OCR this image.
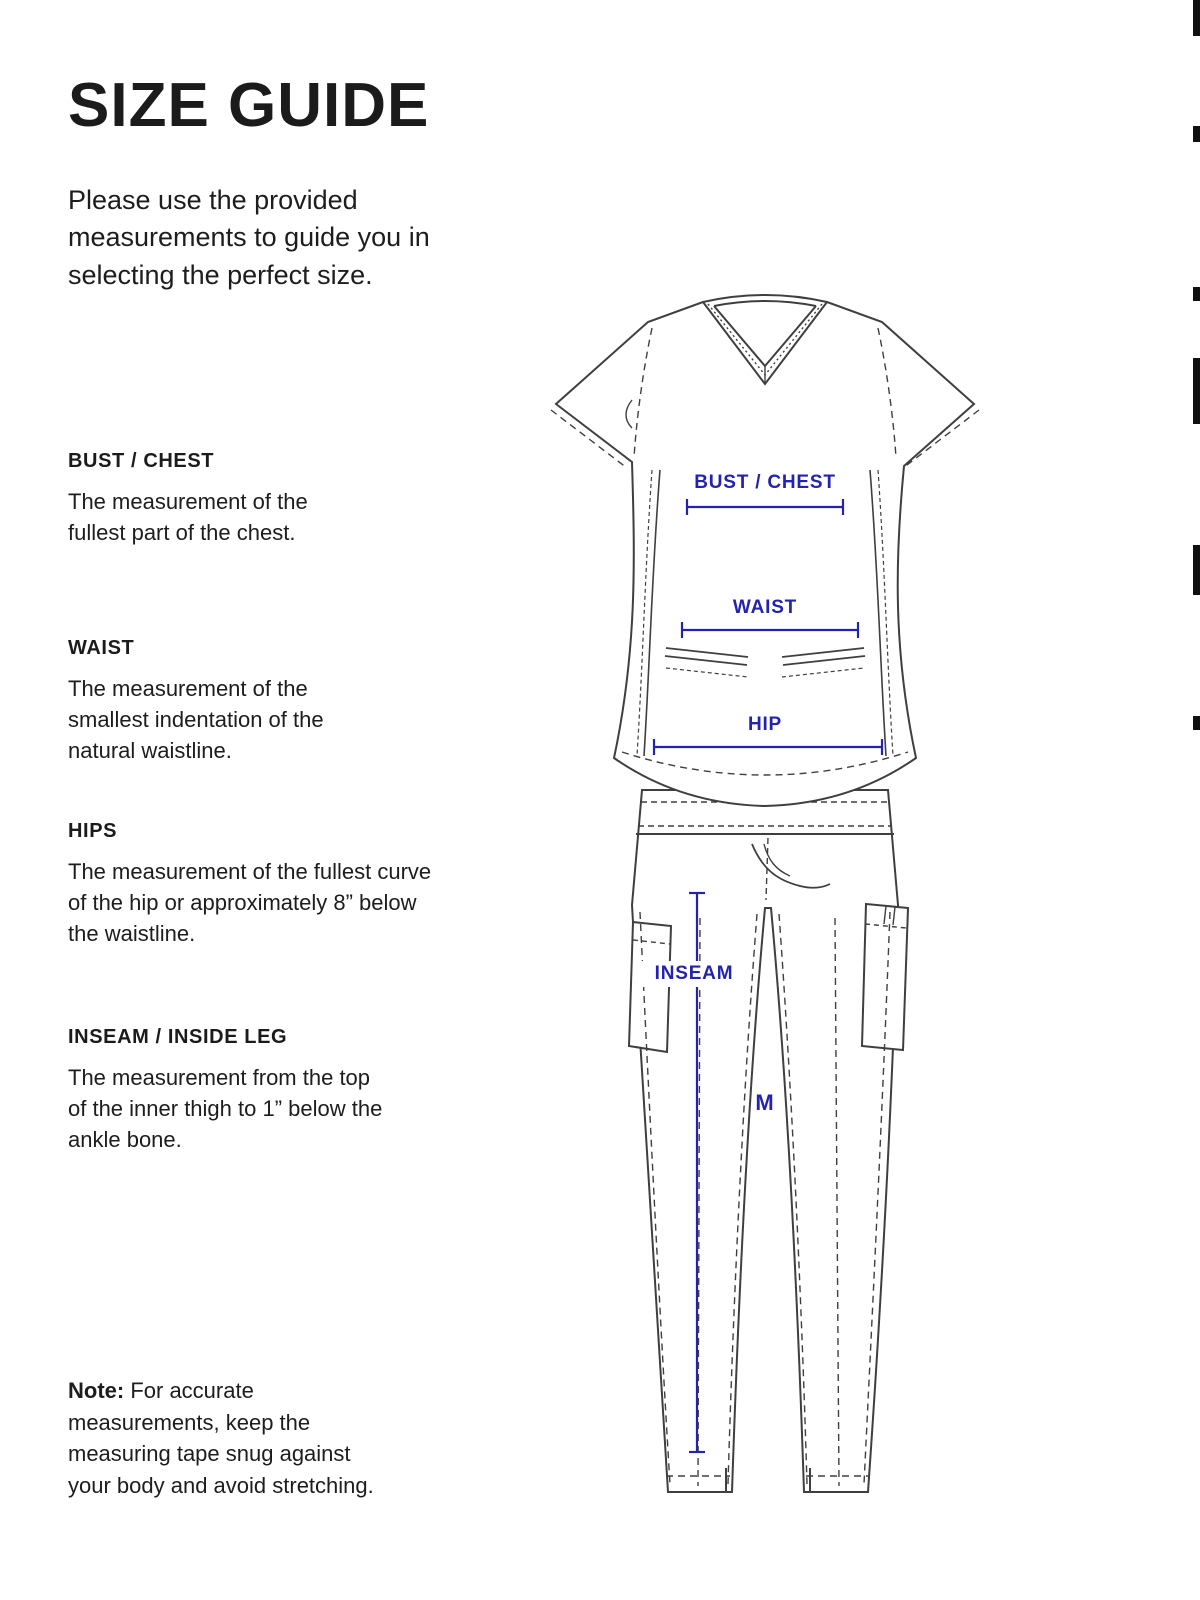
BUST / CHEST
WAIST
HIP
INSEAM
M
SIZE GUIDE

Please use the provided measurements to guide you in selecting the perfect size.

BUST / CHEST

The measurement of the fullest part of the chest.

WAIST

The measurement of the smallest indentation of the natural waistline.

HIPS

The measurement of the fullest curve of the hip or approximately 8” below the waistline.

INSEAM / INSIDE LEG

The measurement from the top of the inner thigh to 1” below the ankle bone.

Note: For accurate measurements, keep the measuring tape snug against your body and avoid stretching.
